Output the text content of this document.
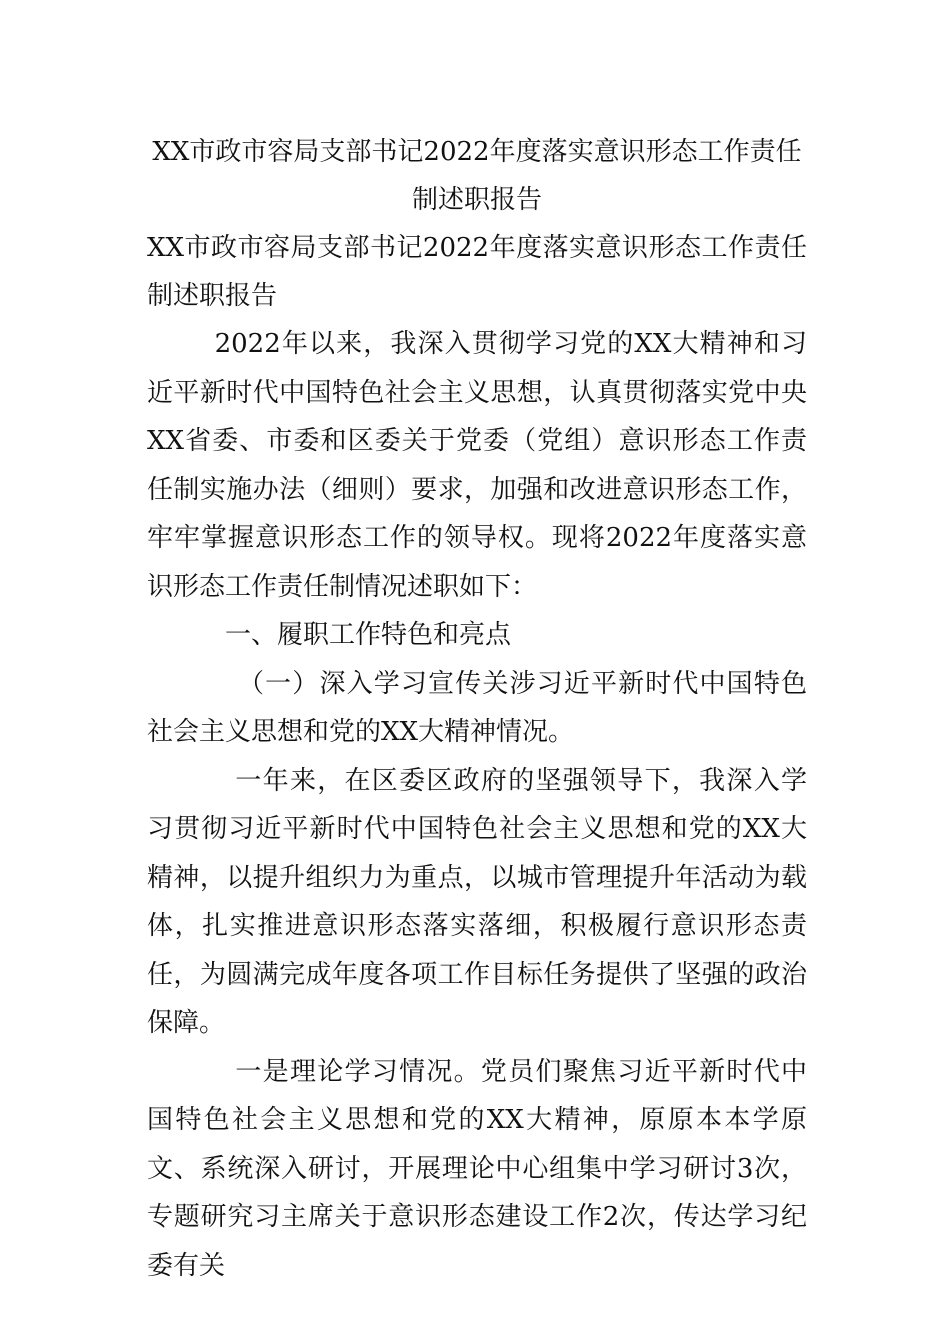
XX市政市容局支部书记2022年度落实意识形态工作责任制述职报告

XX市政市容局支部书记2022年度落实意识形态工作责任制述职报告

2022年以来，我深入贯彻学习党的XX大精神和习近平新时代中国特色社会主义思想，认真贯彻落实党中央XX省委、市委和区委关于党委（党组）意识形态工作责任制实施办法（细则）要求，加强和改进意识形态工作，牢牢掌握意识形态工作的领导权。现将2022年度落实意识形态工作责任制情况述职如下：

一、履职工作特色和亮点

（一）深入学习宣传关涉习近平新时代中国特色社会主义思想和党的XX大精神情况。

一年来，在区委区政府的坚强领导下，我深入学习贯彻习近平新时代中国特色社会主义思想和党的XX大精神，以提升组织力为重点，以城市管理提升年活动为载体，扎实推进意识形态落实落细，积极履行意识形态责任，为圆满完成年度各项工作目标任务提供了坚强的政治保障。

一是理论学习情况。党员们聚焦习近平新时代中国特色社会主义思想和党的XX大精神，原原本本学原文、系统深入研讨，开展理论中心组集中学习研讨3次，专题研究习主席关于意识形态建设工作2次，传达学习纪委有关
